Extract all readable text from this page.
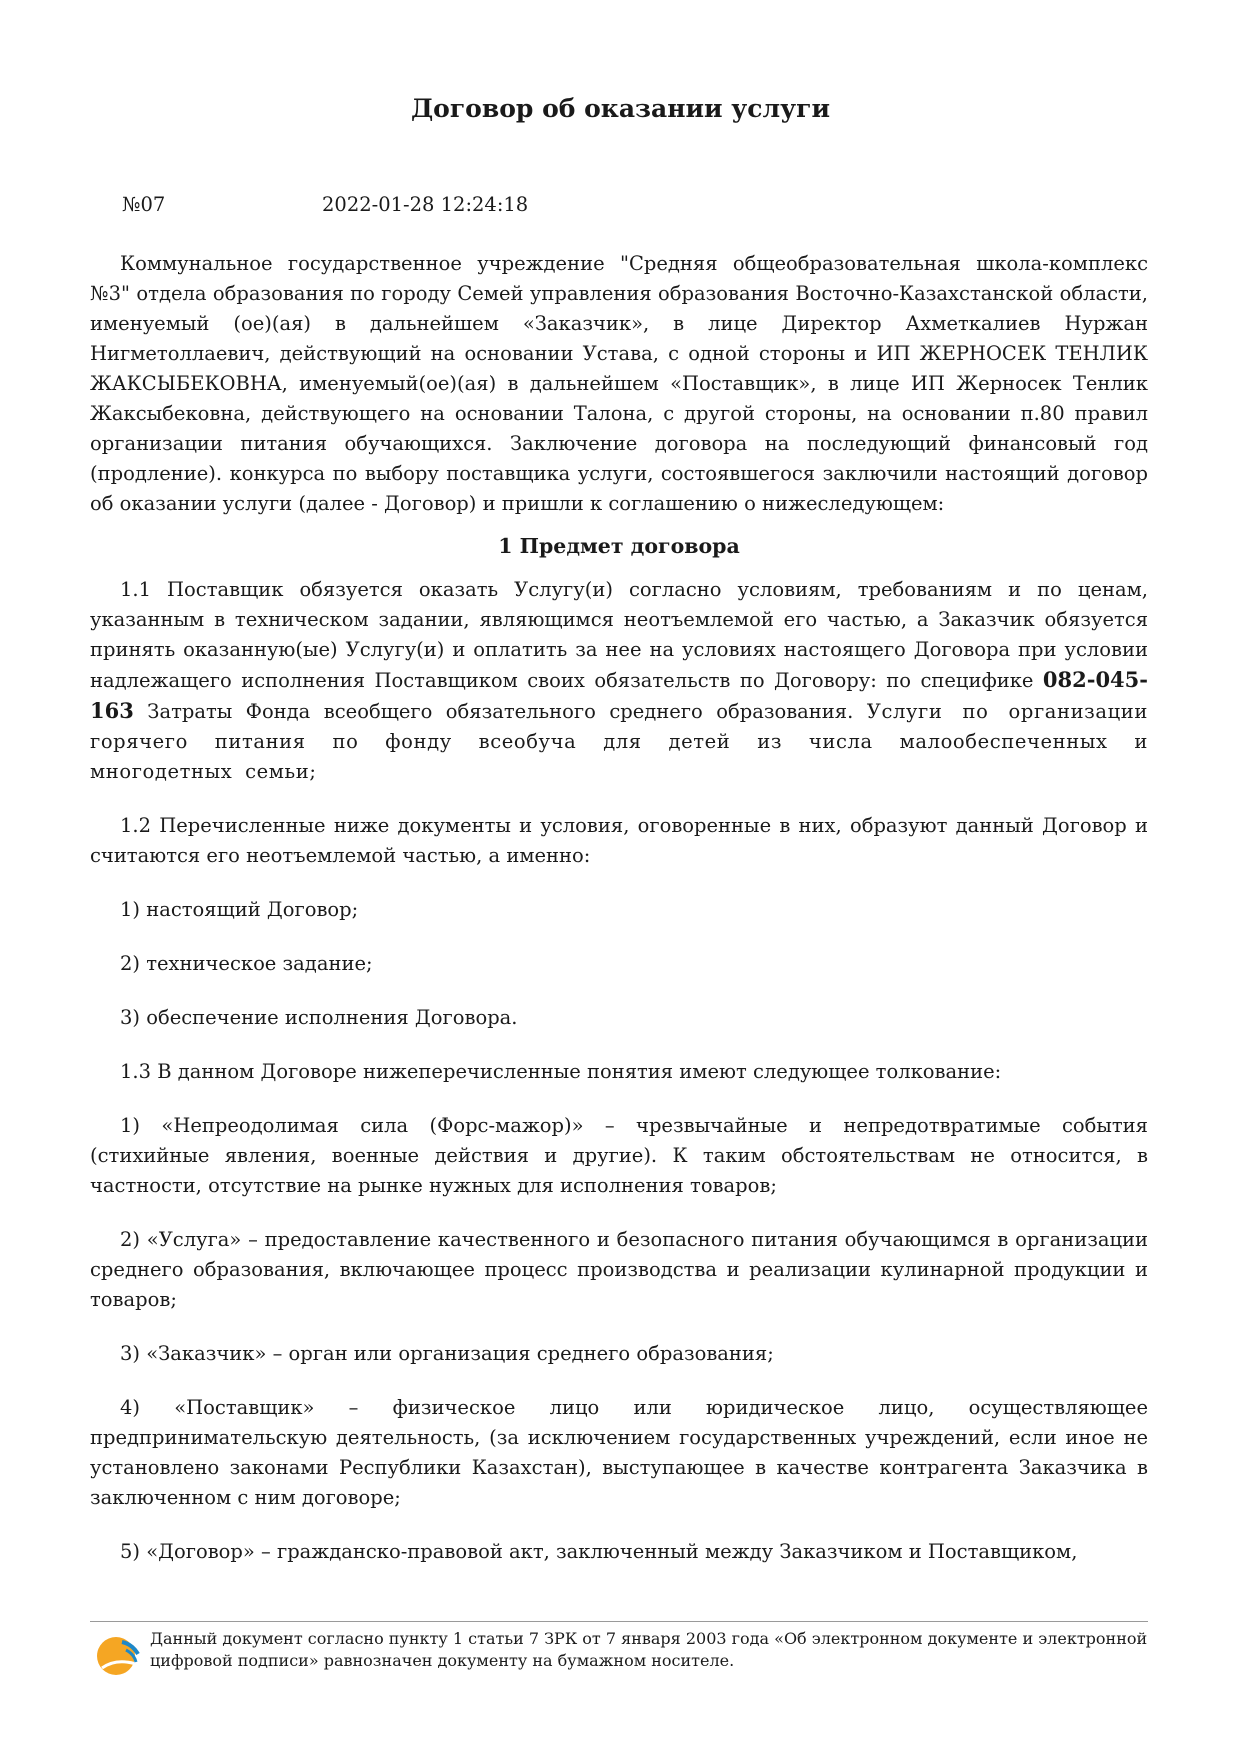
Договор об оказании услуги
№07	2022-01-28 12:24:18

Коммунальное государственное учреждение "Средняя общеобразовательная школа-комплекс №3" отдела образования по городу Семей управления образования Восточно-Казахстанской области, именуемый (ое)(ая) в дальнейшем «Заказчик», в лице Директор Ахметкалиев Нуржан Нигметоллаевич, действующий на основании Устава, с одной стороны и ИП ЖЕРНОСЕК ТЕНЛИК ЖАКСЫБЕКОВНА, именуемый(ое)(ая) в дальнейшем «Поставщик», в лице ИП Жерносек Тенлик Жаксыбековна, действующего на основании Талона, с другой стороны, на основании п.80 правил организации питания обучающихся. Заключение договора на последующий финансовый год (продление). конкурса по выбору поставщика услуги, состоявшегося заключили настоящий договор об оказании услуги (далее - Договор) и пришли к соглашению о нижеследующем:

1 Предмет договора

1.1 Поставщик обязуется оказать Услугу(и) согласно условиям, требованиям и по ценам, указанным в техническом задании, являющимся неотъемлемой его частью, а Заказчик обязуется принять оказанную(ые) Услугу(и) и оплатить за нее на условиях настоящего Договора при условии надлежащего исполнения Поставщиком своих обязательств по Договору: по специфике 082-045-163 Затраты Фонда всеобщего обязательного среднего образования. Услуги по организации горячего питания по фонду всеобуча для детей из числа малообеспеченных и многодетных семьи;

1.2 Перечисленные ниже документы и условия, оговоренные в них, образуют данный Договор и считаются его неотъемлемой частью, а именно:

1) настоящий Договор;

2) техническое задание;

3) обеспечение исполнения Договора.

1.3 В данном Договоре нижеперечисленные понятия имеют следующее толкование:

1) «Непреодолимая сила (Форс-мажор)» – чрезвычайные и непредотвратимые события (стихийные явления, военные действия и другие). К таким обстоятельствам не относится, в частности, отсутствие на рынке нужных для исполнения товаров;

2) «Услуга» – предоставление качественного и безопасного питания обучающимся в организации среднего образования, включающее процесс производства и реализации кулинарной продукции и товаров;

3) «Заказчик» – орган или организация среднего образования;

4) «Поставщик» – физическое лицо или юридическое лицо, осуществляющее предпринимательскую деятельность, (за исключением государственных учреждений, если иное не установлено законами Республики Казахстан), выступающее в качестве контрагента Заказчика в заключенном с ним договоре;

5) «Договор» – гражданско-правовой акт, заключенный между Заказчиком и Поставщиком,

Данный документ согласно пункту 1 статьи 7 ЗРК от 7 января 2003 года «Об электронном документе и электронной цифровой подписи» равнозначен документу на бумажном носителе.
